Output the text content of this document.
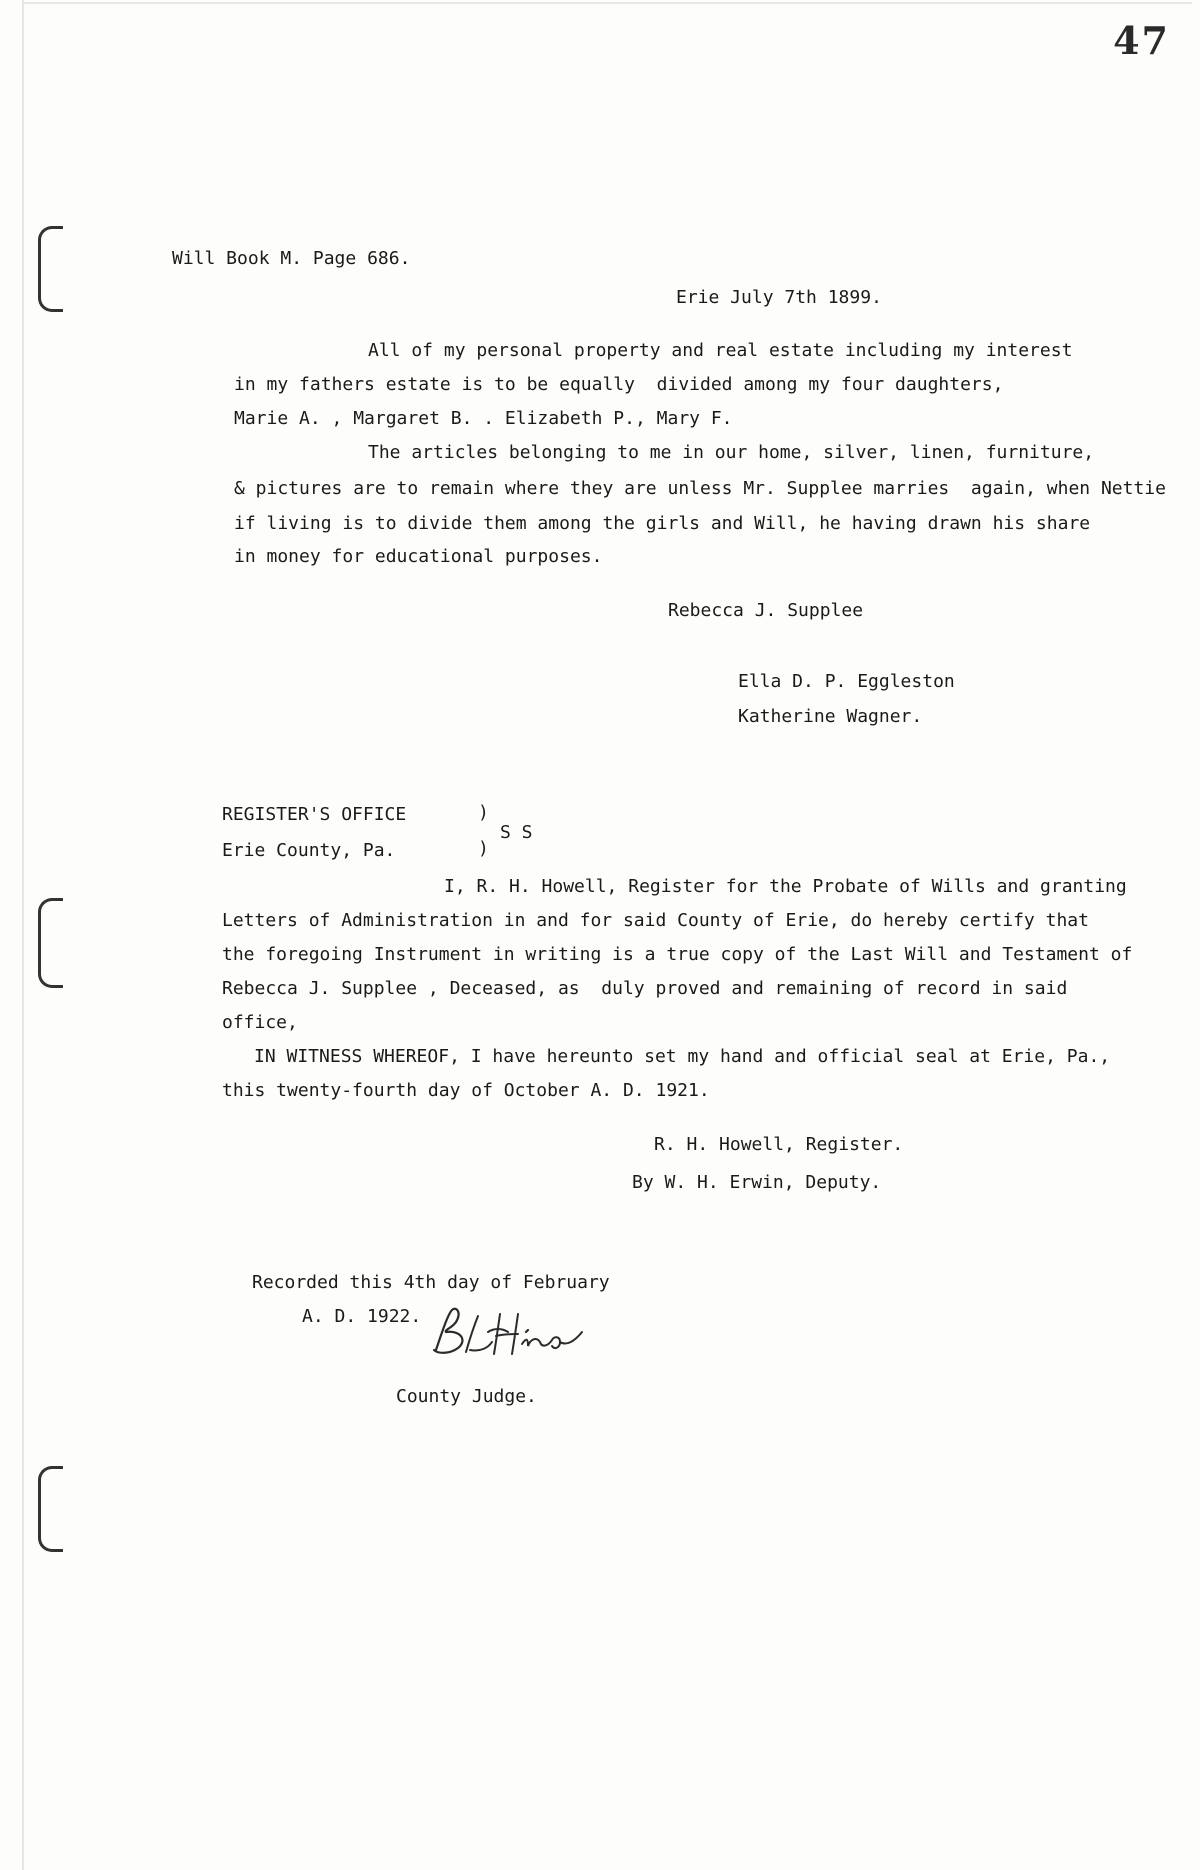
47
Will Book M. Page 686.
Erie July 7th 1899.
All of my personal property and real estate including my interest
in my fathers estate is to be equally  divided among my four daughters,
Marie A. , Margaret B. . Elizabeth P., Mary F.
The articles belonging to me in our home, silver, linen, furniture,
& pictures are to remain where they are unless Mr. Supplee marries  again, when Nettie
if living is to divide them among the girls and Will, he having drawn his share
in money for educational purposes.
Rebecca J. Supplee
Ella D. P. Eggleston
Katherine Wagner.
REGISTER'S OFFICE
Erie County, Pa.
)
)
S S
I, R. H. Howell, Register for the Probate of Wills and granting
Letters of Administration in and for said County of Erie, do hereby certify that
the foregoing Instrument in writing is a true copy of the Last Will and Testament of
Rebecca J. Supplee , Deceased, as  duly proved and remaining of record in said
office,
IN WITNESS WHEREOF, I have hereunto set my hand and official seal at Erie, Pa.,
this twenty-fourth day of October A. D. 1921.
R. H. Howell, Register.
By W. H. Erwin, Deputy.
Recorded this 4th day of February
A. D. 1922.
County Judge.
